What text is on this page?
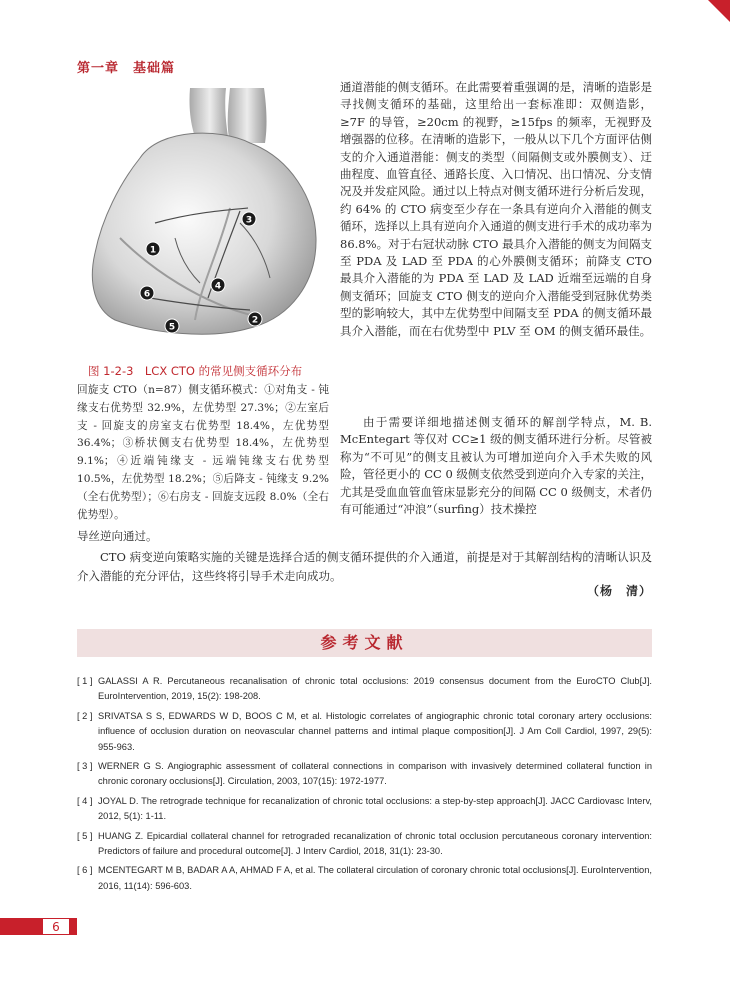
第一章　基础篇
1
2
3
4
5
6
图 1-2-3　LCX CTO 的常见侧支循环分布

回旋支 CTO（n=87）侧支循环模式：①对角支 - 钝缘支右优势型 32.9%，左优势型 27.3%；②左室后支 - 回旋支的房室支右优势型 18.4%，左优势型 36.4%；③桥状侧支右优势型 18.4%，左优势型 9.1%；④近端钝缘支 - 远端钝缘支右优势型 10.5%，左优势型 18.2%；⑤后降支 - 钝缘支 9.2%（全右优势型）；⑥右房支 - 回旋支远段 8.0%（全右优势型）。

通道潜能的侧支循环。在此需要着重强调的是，清晰的造影是寻找侧支循环的基础，这里给出一套标准即：双侧造影，≥7F 的导管，≥20cm 的视野，≥15fps 的频率，无视野及增强器的位移。在清晰的造影下，一般从以下几个方面评估侧支的介入通道潜能：侧支的类型（间隔侧支或外膜侧支）、迂曲程度、血管直径、通路长度、入口情况、出口情况、分支情况及并发症风险。通过以上特点对侧支循环进行分析后发现，约 64% 的 CTO 病变至少存在一条具有逆向介入潜能的侧支循环，选择以上具有逆向介入通道的侧支进行手术的成功率为 86.8%。对于右冠状动脉 CTO 最具介入潜能的侧支为间隔支至 PDA 及 LAD 至 PDA 的心外膜侧支循环；前降支 CTO 最具介入潜能的为 PDA 至 LAD 及 LAD 近端至远端的自身侧支循环；回旋支 CTO 侧支的逆向介入潜能受到冠脉优势类型的影响较大，其中左优势型中间隔支至 PDA 的侧支循环最具介入潜能，而在右优势型中 PLV 至 OM 的侧支循环最佳。

由于需要详细地描述侧支循环的解剖学特点，M. B. McEntegart 等仅对 CC≥1 级的侧支循环进行分析。尽管被称为“不可见”的侧支且被认为可增加逆向介入手术失败的风险，管径更小的 CC 0 级侧支依然受到逆向介入专家的关注，尤其是受血血管血管床显影充分的间隔 CC 0 级侧支，术者仍有可能通过“冲浪”（surfing）技术操控

导丝逆向通过。

CTO 病变逆向策略实施的关键是选择合适的侧支循环提供的介入通道，前提是对于其解剖结构的清晰认识及介入潜能的充分评估，这些终将引导手术走向成功。

（杨　清）
参考文献
[ 1 ] GALASSI A R. Percutaneous recanalisation of chronic total occlusions: 2019 consensus document from the EuroCTO Club[J]. EuroIntervention, 2019, 15(2): 198-208.
[ 2 ] SRIVATSA S S, EDWARDS W D, BOOS C M, et al. Histologic correlates of angiographic chronic total coronary artery occlusions: influence of occlusion duration on neovascular channel patterns and intimal plaque composition[J]. J Am Coll Cardiol, 1997, 29(5): 955-963.
[ 3 ] WERNER G S. Angiographic assessment of collateral connections in comparison with invasively determined collateral function in chronic coronary occlusions[J]. Circulation, 2003, 107(15): 1972-1977.
[ 4 ] JOYAL D. The retrograde technique for recanalization of chronic total occlusions: a step-by-step approach[J]. JACC Cardiovasc Interv, 2012, 5(1): 1-11.
[ 5 ] HUANG Z. Epicardial collateral channel for retrograded recanalization of chronic total occlusion percutaneous coronary intervention: Predictors of failure and procedural outcome[J]. J Interv Cardiol, 2018, 31(1): 23-30.
[ 6 ] MCENTEGART M B, BADAR A A, AHMAD F A, et al. The collateral circulation of coronary chronic total occlusions[J]. EuroIntervention, 2016, 11(14): 596-603.
6
